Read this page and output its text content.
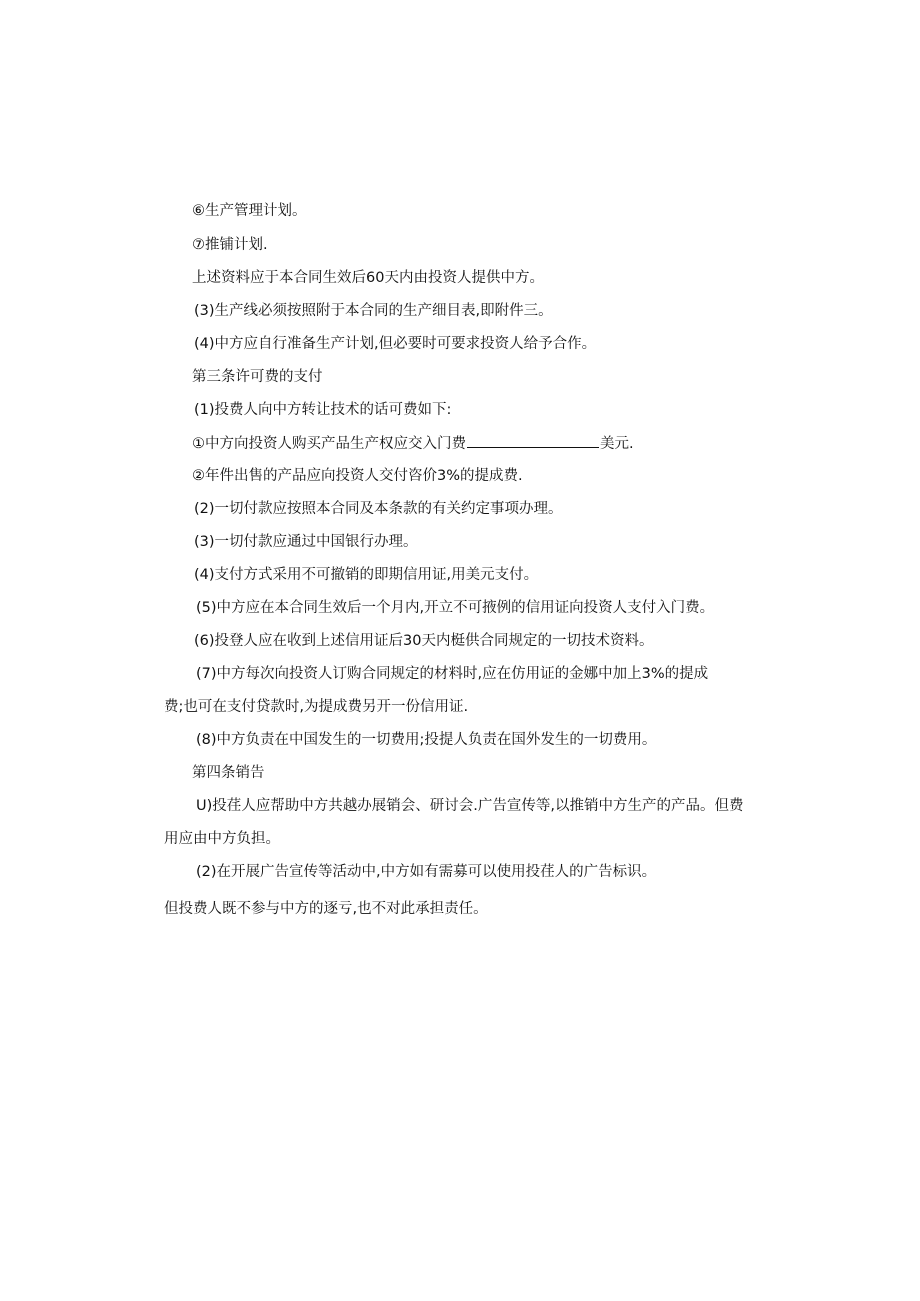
⑥生产管理计划。
⑦推铺计划.
上述资料应于本合同生效后60天内由投资人提供中方。
(3)生产线必须按照附于本合同的生产细目表,即附件三。
(4)中方应自行准备生产计划,但必要时可要求投资人给予合作。
第三条许可费的支付
(1)投费人向中方转让技术的话可费如下:
①中方向投资人购买产品生产权应交入门费	美元.
②年件出售的产品应向投资人交付咨价3%的提成费.
(2)一切付款应按照本合同及本条款的有关约定事项办理。
(3)一切付款应通过中国银行办理。
(4)支付方式采用不可撤销的即期信用证,用美元支付。
(5)中方应在本合同生效后一个月内,开立不可掖例的信用证向投资人支付入门费。
(6)投登人应在收到上述信用证后30天内梃供合同规定的一切技术资料。
(7)中方每次向投资人订购合同规定的材料时,应在仿用证的金娜中加上3%的提成
费;也可在支付贷款时,为提成费另开一份信用证.
(8)中方负责在中国发生的一切费用;投提人负责在国外发生的一切费用。
第四条销告
U)投荏人应帮助中方共越办展销会、研讨会.广告宣传等,以推销中方生产的产品。但费
用应由中方负担。
(2)在开展广告宣传等活动中,中方如有需募可以使用投荏人的广告标识。
但投费人既不参与中方的逐亏,也不对此承担责任。
